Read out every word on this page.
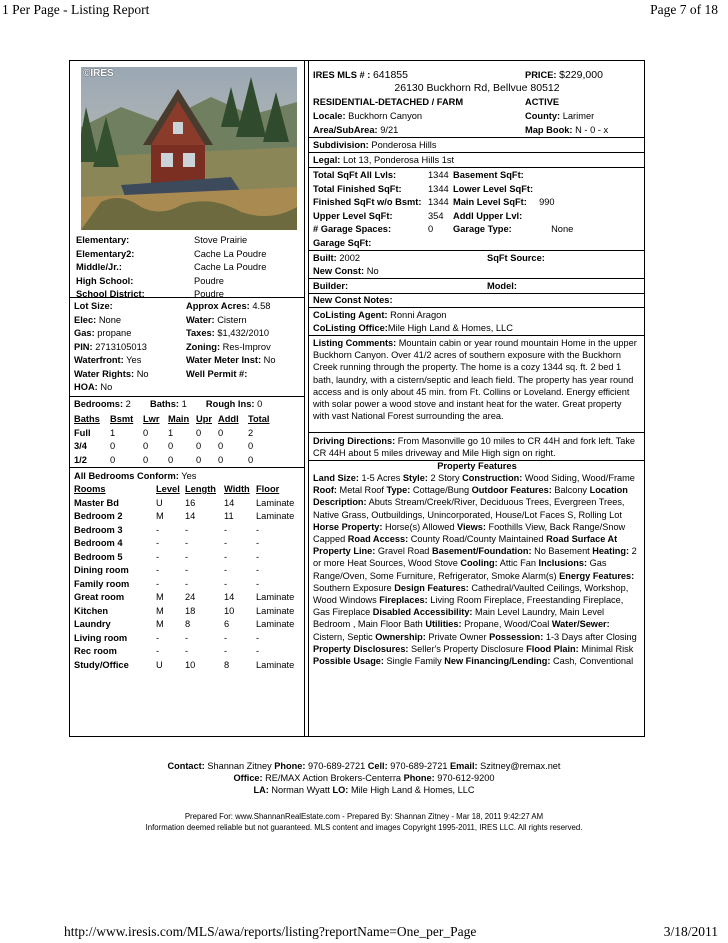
1 Per Page - Listing Report	Page 7 of 18
http://www.iresis.com/MLS/awa/reports/listing?reportName=One_per_Page	3/18/2011
©IRES
Elementary:	Stove Prairie
Elementary2:	Cache La Poudre
Middle/Jr.:	Cache La Poudre
High School:	Poudre
School District:	Poudre
Lot Size:	Approx Acres: 4.58
Elec: None	Water: Cistern
Gas: propane	Taxes: $1,432/2010
PIN: 2713105013	Zoning: Res-Improv
Waterfront: Yes	Water Meter Inst: No
Water Rights: No	Well Permit #:
HOA: No	
Bedrooms: 2 Baths: 1 Rough Ins: 0
Baths	Bsmt	Lwr	Main	Upr	Addl	Total
Full	1	0	1	0	0	2
3/4	0	0	0	0	0	0
1/2	0	0	0	0	0	0
All Bedrooms Conform: Yes
Rooms	Level	Length	Width	Floor
Master Bd	U	16	14	Laminate
Bedroom 2	M	14	11	Laminate
Bedroom 3	-	-	-	-
Bedroom 4	-	-	-	-
Bedroom 5	-	-	-	-
Dining room	-	-	-	-
Family room	-	-	-	-
Great room	M	24	14	Laminate
Kitchen	M	18	10	Laminate
Laundry	M	8	6	Laminate
Living room	-	-	-	-
Rec room	-	-	-	-
Study/Office	U	10	8	Laminate
IRES MLS # : 641855	PRICE: $229,000
26130 Buckhorn Rd, Bellvue 80512
RESIDENTIAL-DETACHED / FARM	ACTIVE
Locale: Buckhorn Canyon	County: Larimer
Area/SubArea: 9/21	Map Book: N - 0 - x
Subdivision: Ponderosa Hills
Legal: Lot 13, Ponderosa Hills 1st
Total SqFt All Lvls:	1344	Basement SqFt:	
Total Finished SqFt:	1344	Lower Level SqFt:	
Finished SqFt w/o Bsmt:	1344	Main Level SqFt:	990
Upper Level SqFt:	354	Addl Upper Lvl:	
# Garage Spaces:	0	Garage Type:	None
Garage SqFt:
Built: 2002	SqFt Source:
New Const: No
Builder:	Model:
New Const Notes:
CoListing Agent: Ronni Aragon
CoListing Office:Mile High Land & Homes, LLC
Listing Comments: Mountain cabin or year round mountain Home in the upper Buckhorn Canyon. Over 41/2 acres of southern exposure with the Buckhorn Creek running through the property. The home is a cozy 1344 sq. ft. 2 bed 1 bath, laundry, with a cistern/septic and leach field. The property has year round access and is only about 45 min. from Ft. Collins or Loveland. Energy efficient with solar power a wood stove and instant heat for the water. Great property with vast National Forest surrounding the area.
Driving Directions: From Masonville go 10 miles to CR 44H and fork left. Take CR 44H about 5 miles driveway and Mile High sign on right.
Property Features
Land Size: 1-5 Acres Style: 2 Story Construction: Wood Siding, Wood/Frame Roof: Metal Roof Type: Cottage/Bung Outdoor Features: Balcony Location Description: Abuts Stream/Creek/River, Deciduous Trees, Evergreen Trees, Native Grass, Outbuildings, Unincorporated, House/Lot Faces S, Rolling Lot Horse Property: Horse(s) Allowed Views: Foothills View, Back Range/Snow Capped Road Access: County Road/County Maintained Road Surface At Property Line: Gravel Road Basement/Foundation: No Basement Heating: 2 or more Heat Sources, Wood Stove Cooling: Attic Fan Inclusions: Gas Range/Oven, Some Furniture, Refrigerator, Smoke Alarm(s) Energy Features: Southern Exposure Design Features: Cathedral/Vaulted Ceilings, Workshop, Wood Windows Fireplaces: Living Room Fireplace, Freestanding Fireplace, Gas Fireplace Disabled Accessibility: Main Level Laundry, Main Level Bedroom , Main Floor Bath Utilities: Propane, Wood/Coal Water/Sewer: Cistern, Septic Ownership: Private Owner Possession: 1-3 Days after Closing Property Disclosures: Seller's Property Disclosure Flood Plain: Minimal Risk Possible Usage: Single Family New Financing/Lending: Cash, Conventional
Contact: Shannan Zitney Phone: 970-689-2721 Cell: 970-689-2721 Email: Szitney@remax.net
Office: RE/MAX Action Brokers-Centerra Phone: 970-612-9200
LA: Norman Wyatt LO: Mile High Land & Homes, LLC
Prepared For: www.ShannanRealEstate.com - Prepared By: Shannan Zitney - Mar 18, 2011 9:42:27 AM
Information deemed reliable but not guaranteed. MLS content and images Copyright 1995-2011, IRES LLC. All rights reserved.
